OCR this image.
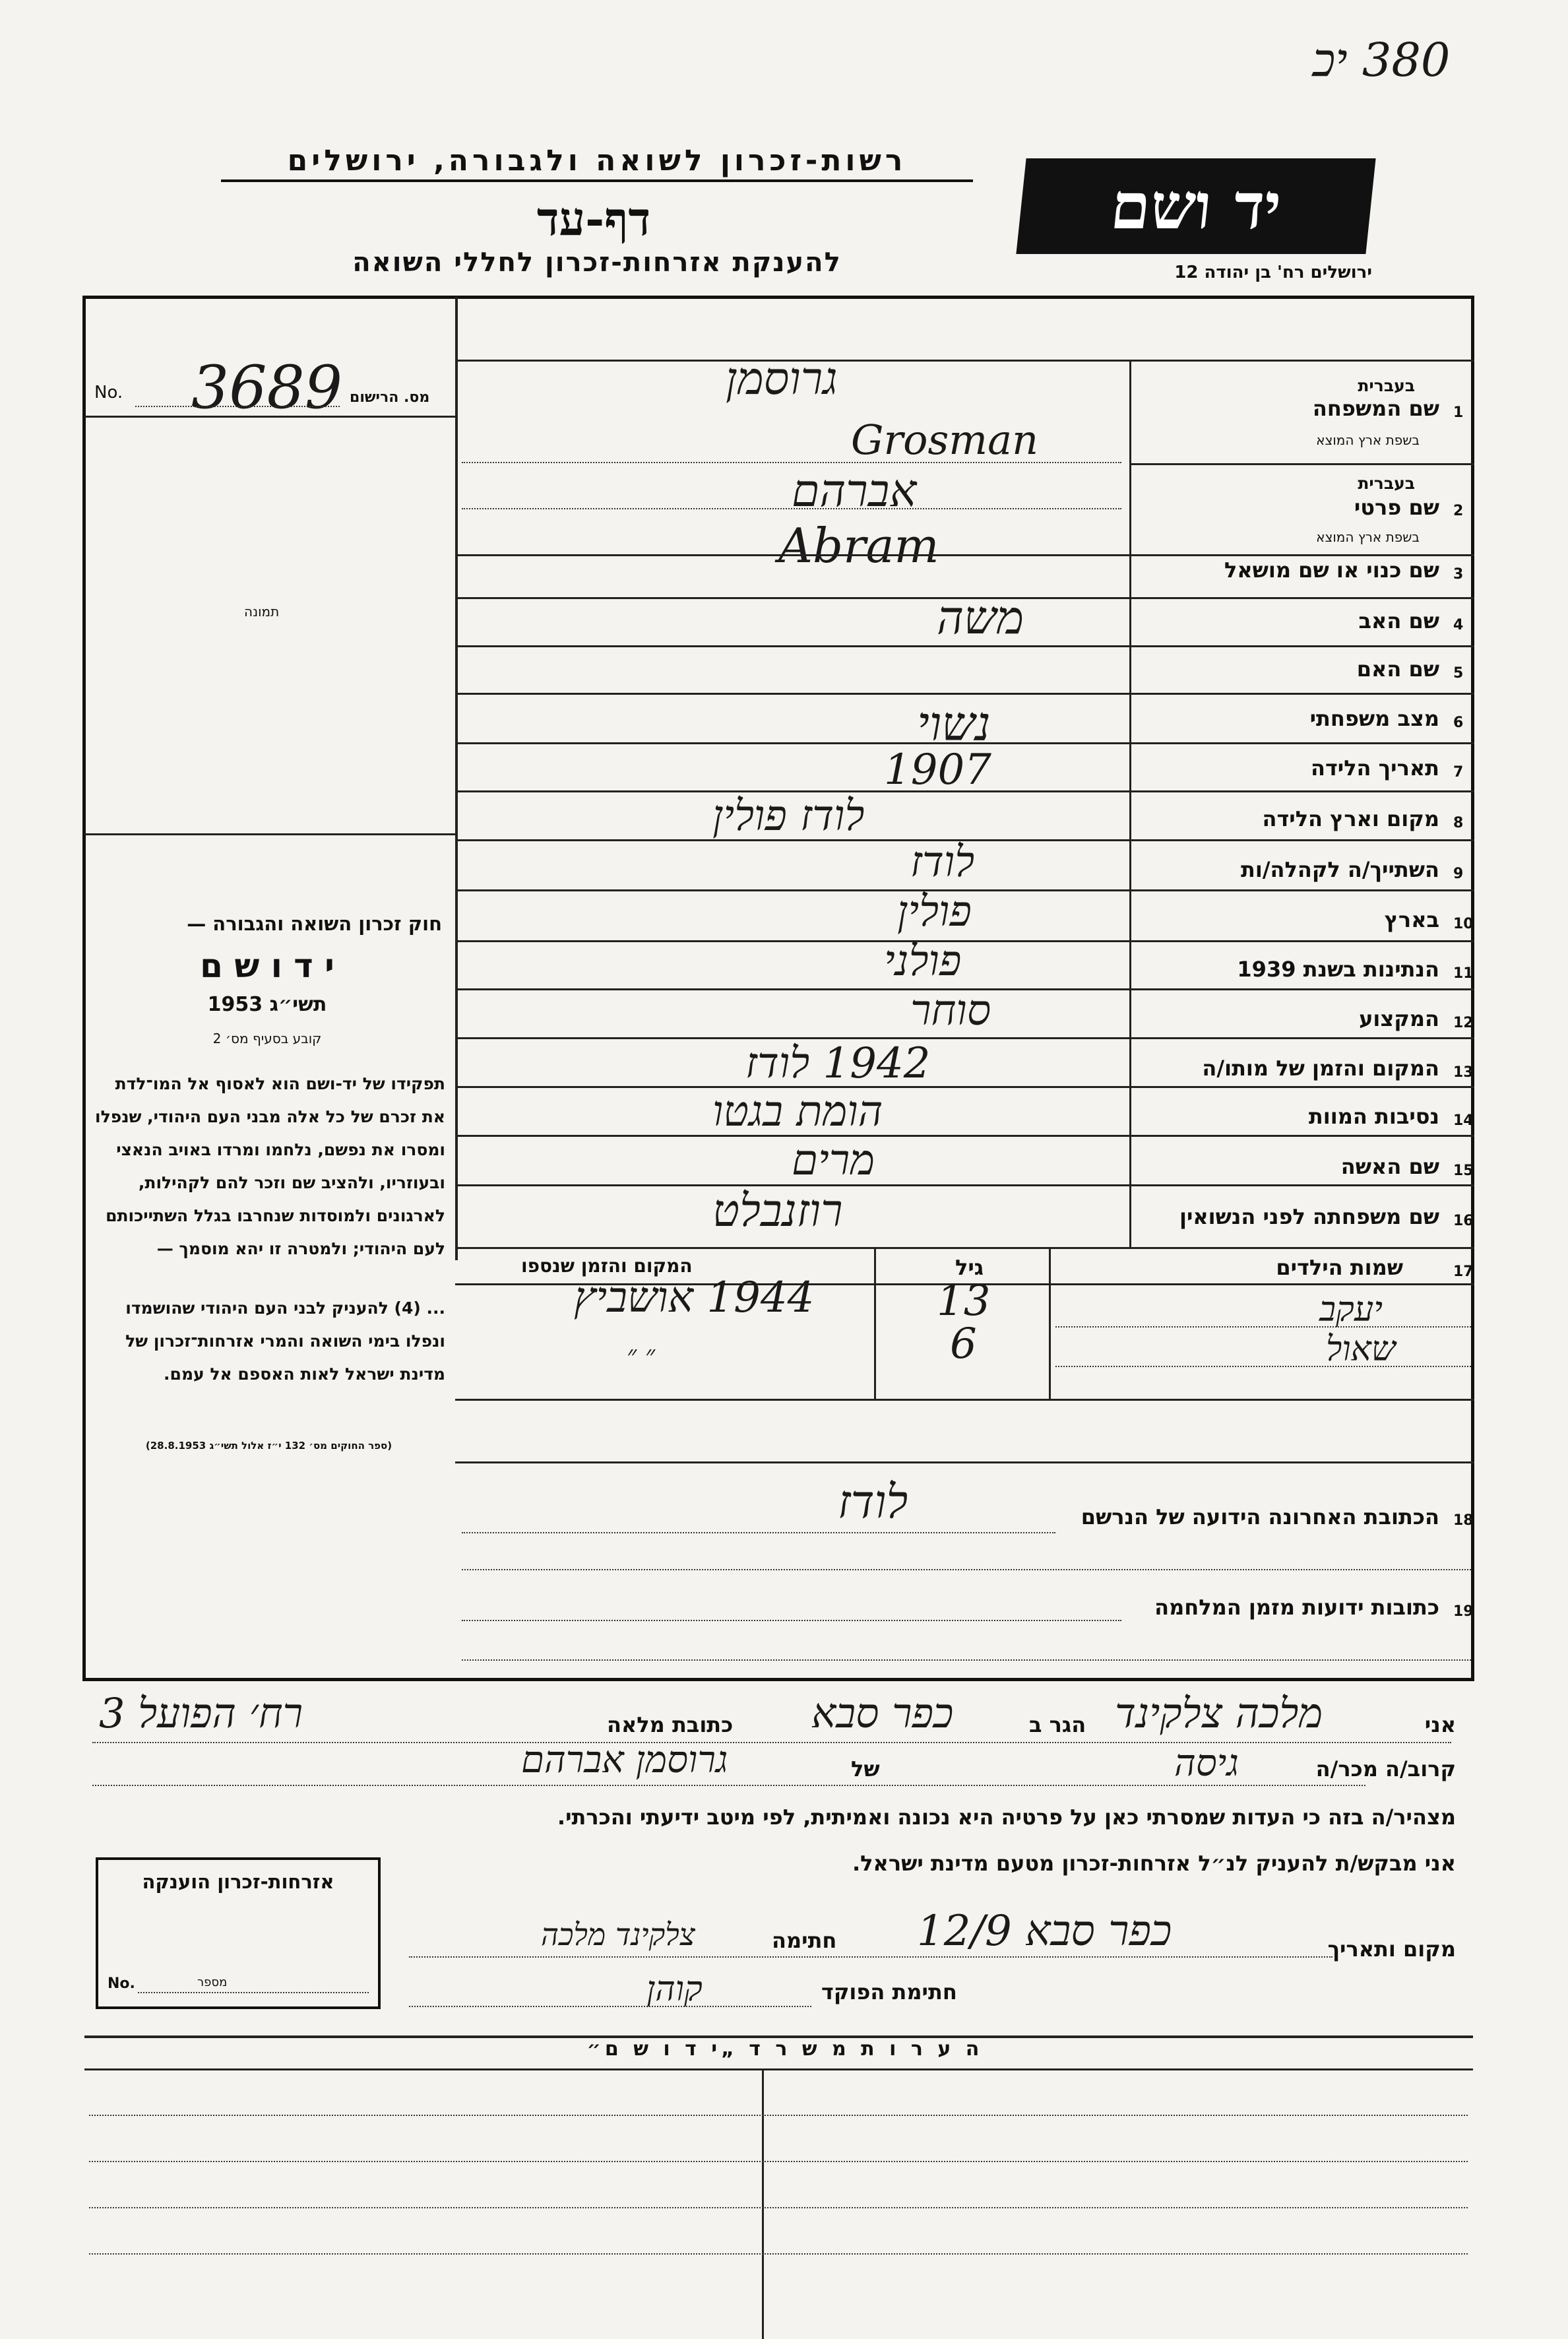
380 יכ
רשות-זכרון לשואה ולגבורה, ירושלים
דף-עד
להענקת אזרחות-זכרון לחללי השואה
יד ושם
ירושלים רח' בן יהודה 12
No. 3689 מס. הרישום
תמונה
חוק זכרון השואה והגבורה —
י ד ו ש ם
תשי״ג 1953
קובע בסעיף מס׳ 2
תפקידו של יד-ושם הוא לאסוף אל המו־לדת את זכרם של כל אלה מבני העם היהודי, שנפלו ומסרו את נפשם, נלחמו ומרדו באויב הנאצי ובעוזריו, ולהציב שם וזכר להם לקהילות, לארגונים ולמוסדות שנחרבו בגלל השתייכותם לעם היהודי; ולמטרה זו יהא מוסמך —
... (4) להעניק לבני העם היהודי שהושמדו ונפלו בימי השואה והמרי אזרחות־זכרון של מדינת ישראל לאות האספם אל עמם.
(ספר החוקים מס׳ 132 י״ז אלול תשי״ג 28.8.1953)
1
שם המשפחה
בעברית
בשפת ארץ המוצא
גרוסמן
Grosman
2
שם פרטי
בעברית
בשפת ארץ המוצא
אברהם
Abram
3
שם כנוי או שם מושאל
4
שם האב
משה
5
שם האם
6
מצב משפחתי
נשוי
7
תאריך הלידה
1907
8
מקום וארץ הלידה
לודז פולין
9
השתייך/ה לקהלה/ות
לודז
10
בארץ
פולין
11
הנתינות בשנת 1939
פולני
12
המקצוע
סוחר
13
המקום והזמן של מותו/ה
1942 לודז
14
נסיבות המוות
הומת בגטו
15
שם האשה
מרים
16
שם משפחתה לפני הנשואין
רוזנבלט
17
שמות הילדים
גיל
המקום והזמן שנספו
יעקב
13
1944 אושביץ
שאול
6
״ ״
18
הכתובת האחרונה הידועה של הנרשם
לודז
19
כתובות ידועות מזמן המלחמה
אני
מלכה צלקינד
הגר ב
כפר סבא
כתובת מלאה
רח׳ הפועל 3
קרוב/ה מכר/ה
גיסה
של
גרוסמן אברהם
מצהיר/ה בזה כי העדות שמסרתי כאן על פרטיה היא נכונה ואמיתית, לפי מיטב ידיעתי והכרתי.
אני מבקש/ת להעניק לנ״ל אזרחות-זכרון מטעם מדינת ישראל.
אזרחות-זכרון הוענקה
No.	מספר
מקום ותאריך
כפר סבא 12/9
חתימה
צלקינד מלכה
חתימת הפוקד
קוהן
ה ע ר ו ת מ ש ר ד „י ד ו ש ם״
